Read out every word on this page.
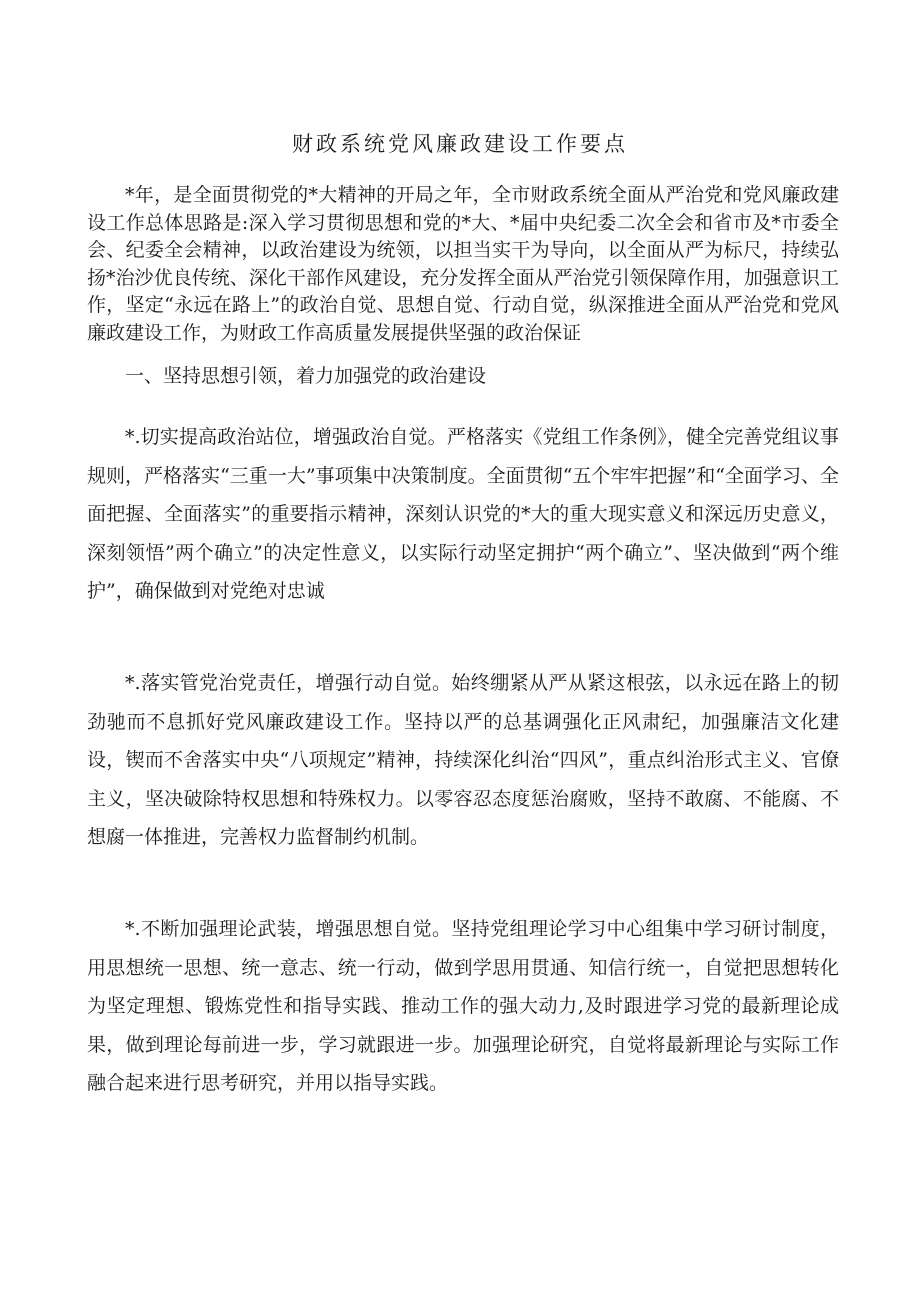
财政系统党风廉政建设工作要点

*年，是全面贯彻党的*大精神的开局之年，全市财政系统全面从严治党和党风廉政建设工作总体思路是:深入学习贯彻思想和党的*大、*届中央纪委二次全会和省市及*市委全会、纪委全会精神，以政治建设为统领，以担当实干为导向，以全面从严为标尺，持续弘扬*治沙优良传统、深化干部作风建设，充分发挥全面从严治党引领保障作用，加强意识工作，坚定“永远在路上”的政治自觉、思想自觉、行动自觉，纵深推进全面从严治党和党风廉政建设工作，为财政工作高质量发展提供坚强的政治保证

一、坚持思想引领，着力加强党的政治建设

*.切实提高政治站位，增强政治自觉。严格落实《党组工作条例》，健全完善党组议事规则，严格落实“三重一大”事项集中决策制度。全面贯彻“五个牢牢把握”和“全面学习、全面把握、全面落实”的重要指示精神，深刻认识党的*大的重大现实意义和深远历史意义，深刻领悟”两个确立”的决定性意义，以实际行动坚定拥护“两个确立”、坚决做到“两个维护”，确保做到对党绝对忠诚

*.落实管党治党责任，增强行动自觉。始终绷紧从严从紧这根弦，以永远在路上的韧劲驰而不息抓好党风廉政建设工作。坚持以严的总基调强化正风肃纪，加强廉洁文化建设，锲而不舍落实中央“八项规定”精神，持续深化纠治“四风”，重点纠治形式主义、官僚主义，坚决破除特权思想和特殊权力。以零容忍态度惩治腐败，坚持不敢腐、不能腐、不想腐一体推进，完善权力监督制约机制。

*.不断加强理论武装，增强思想自觉。坚持党组理论学习中心组集中学习研讨制度，用思想统一思想、统一意志、统一行动，做到学思用贯通、知信行统一，自觉把思想转化为坚定理想、锻炼党性和指导实践、推动工作的强大动力,及时跟进学习党的最新理论成果，做到理论每前进一步，学习就跟进一步。加强理论研究，自觉将最新理论与实际工作融合起来进行思考研究，并用以指导实践。
